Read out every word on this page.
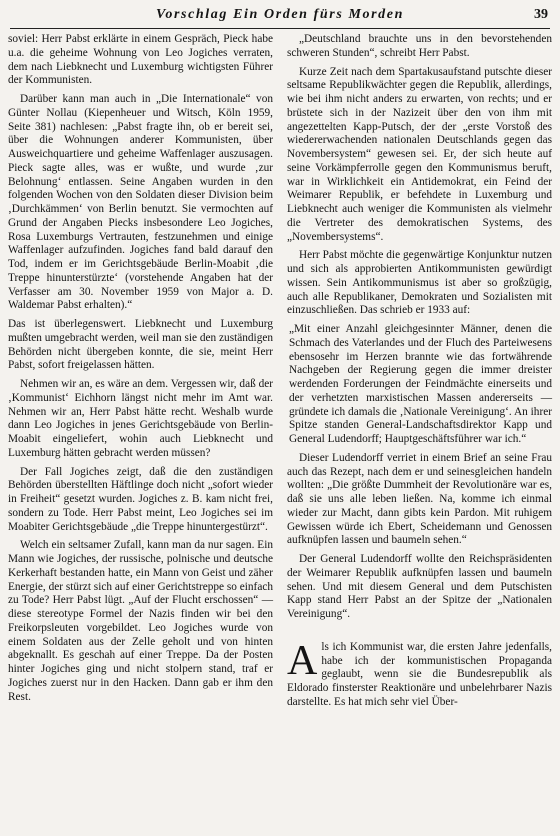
Vorschlag Ein Orden fürs Morden	39

soviel: Herr Pabst erklärte in einem Gespräch, Pieck habe u.a. die geheime Wohnung von Leo Jogiches verraten, dem nach Liebknecht und Luxemburg wichtigsten Führer der Kommunisten.

Darüber kann man auch in „Die Internationale“ von Günter Nollau (Kiepenheuer und Witsch, Köln 1959, Seite 381) nachlesen: „Pabst fragte ihn, ob er bereit sei, über die Wohnungen anderer Kommunisten, über Ausweichquartiere und geheime Waffenlager auszusagen. Pieck sagte alles, was er wußte, und wurde ‚zur Belohnung‘ entlassen. Seine Angaben wurden in den folgenden Wochen von den Soldaten dieser Division beim ‚Durchkämmen‘ von Berlin benutzt. Sie vermochten auf Grund der Angaben Piecks insbesondere Leo Jogiches, Rosa Luxemburgs Vertrauten, festzunehmen und einige Waffenlager aufzufinden. Jogiches fand bald darauf den Tod, indem er im Gerichtsgebäude Berlin-Moabit ‚die Treppe hinunterstürzte‘ (vorstehende Angaben hat der Verfasser am 30. November 1959 von Major a. D. Waldemar Pabst erhalten).“

Das ist überlegenswert. Liebknecht und Luxemburg mußten umgebracht werden, weil man sie den zuständigen Behörden nicht übergeben konnte, die sie, meint Herr Pabst, sofort freigelassen hätten.

Nehmen wir an, es wäre an dem. Vergessen wir, daß der ‚Kommunist‘ Eichhorn längst nicht mehr im Amt war. Nehmen wir an, Herr Pabst hätte recht. Weshalb wurde dann Leo Jogiches in jenes Gerichtsgebäude von Berlin-Moabit eingeliefert, wohin auch Liebknecht und Luxemburg hätten gebracht werden müssen?

Der Fall Jogiches zeigt, daß die den zuständigen Behörden überstellten Häftlinge doch nicht „sofort wieder in Freiheit“ gesetzt wurden. Jogiches z. B. kam nicht frei, sondern zu Tode. Herr Pabst meint, Leo Jogiches sei im Moabiter Gerichtsgebäude „die Treppe hinuntergestürzt“.

Welch ein seltsamer Zufall, kann man da nur sagen. Ein Mann wie Jogiches, der russische, polnische und deutsche Kerkerhaft bestanden hatte, ein Mann von Geist und zäher Energie, der stürzt sich auf einer Gerichtstreppe so einfach zu Tode? Herr Pabst lügt. „Auf der Flucht erschossen“ — diese stereotype Formel der Nazis finden wir bei den Freikorpsleuten vorgebildet. Leo Jogiches wurde von einem Soldaten aus der Zelle geholt und von hinten abgeknallt. Es geschah auf einer Treppe. Da der Posten hinter Jogiches ging und nicht stolpern stand, traf er Jogiches zuerst nur in den Hacken. Dann gab er ihm den Rest.

„Deutschland brauchte uns in den bevorstehenden schweren Stunden“, schreibt Herr Pabst.

Kurze Zeit nach dem Spartakusaufstand putschte dieser seltsame Republikwächter gegen die Republik, allerdings, wie bei ihm nicht anders zu erwarten, von rechts; und er brüstete sich in der Nazizeit über den von ihm mit angezettelten Kapp-Putsch, der der „erste Vorstoß des wiedererwachenden nationalen Deutschlands gegen das Novembersystem“ gewesen sei. Er, der sich heute auf seine Vorkämpferrolle gegen den Kommunismus beruft, war in Wirklichkeit ein Antidemokrat, ein Feind der Weimarer Republik, er befehdete in Luxemburg und Liebknecht auch weniger die Kommunisten als vielmehr die Vertreter des demokratischen Systems, des „Novembersystems“.

Herr Pabst möchte die gegenwärtige Konjunktur nutzen und sich als approbierten Antikommunisten gewürdigt wissen. Sein Antikommunismus ist aber so großzügig, auch alle Republikaner, Demokraten und Sozialisten mit einzuschließen. Das schrieb er 1933 auf:

„Mit einer Anzahl gleichgesinnter Männer, denen die Schmach des Vaterlandes und der Fluch des Parteiwesens ebensosehr im Herzen brannte wie das fortwährende Nachgeben der Regierung gegen die immer dreister werdenden Forderungen der Feindmächte einerseits und der verhetzten marxistischen Massen andererseits — gründete ich damals die ‚Nationale Vereinigung‘. An ihrer Spitze standen General-Landschaftsdirektor Kapp und General Ludendorff; Hauptgeschäftsführer war ich.“

Dieser Ludendorff verriet in einem Brief an seine Frau auch das Rezept, nach dem er und seinesgleichen handeln wollten: „Die größte Dummheit der Revolutionäre war es, daß sie uns alle leben ließen. Na, komme ich einmal wieder zur Macht, dann gibts kein Pardon. Mit ruhigem Gewissen würde ich Ebert, Scheidemann und Genossen aufknüpfen lassen und baumeln sehen.“

Der General Ludendorff wollte den Reichspräsidenten der Weimarer Republik aufknüpfen lassen und baumeln sehen. Und mit diesem General und dem Putschisten Kapp stand Herr Pabst an der Spitze der „Nationalen Vereinigung“.

Als ich Kommunist war, die ersten Jahre jedenfalls, habe ich der kommunistischen Propaganda geglaubt, wenn sie die Bundesrepublik als Eldorado finsterster Reaktionäre und unbelehrbarer Nazis darstellte. Es hat mich sehr viel Über-
